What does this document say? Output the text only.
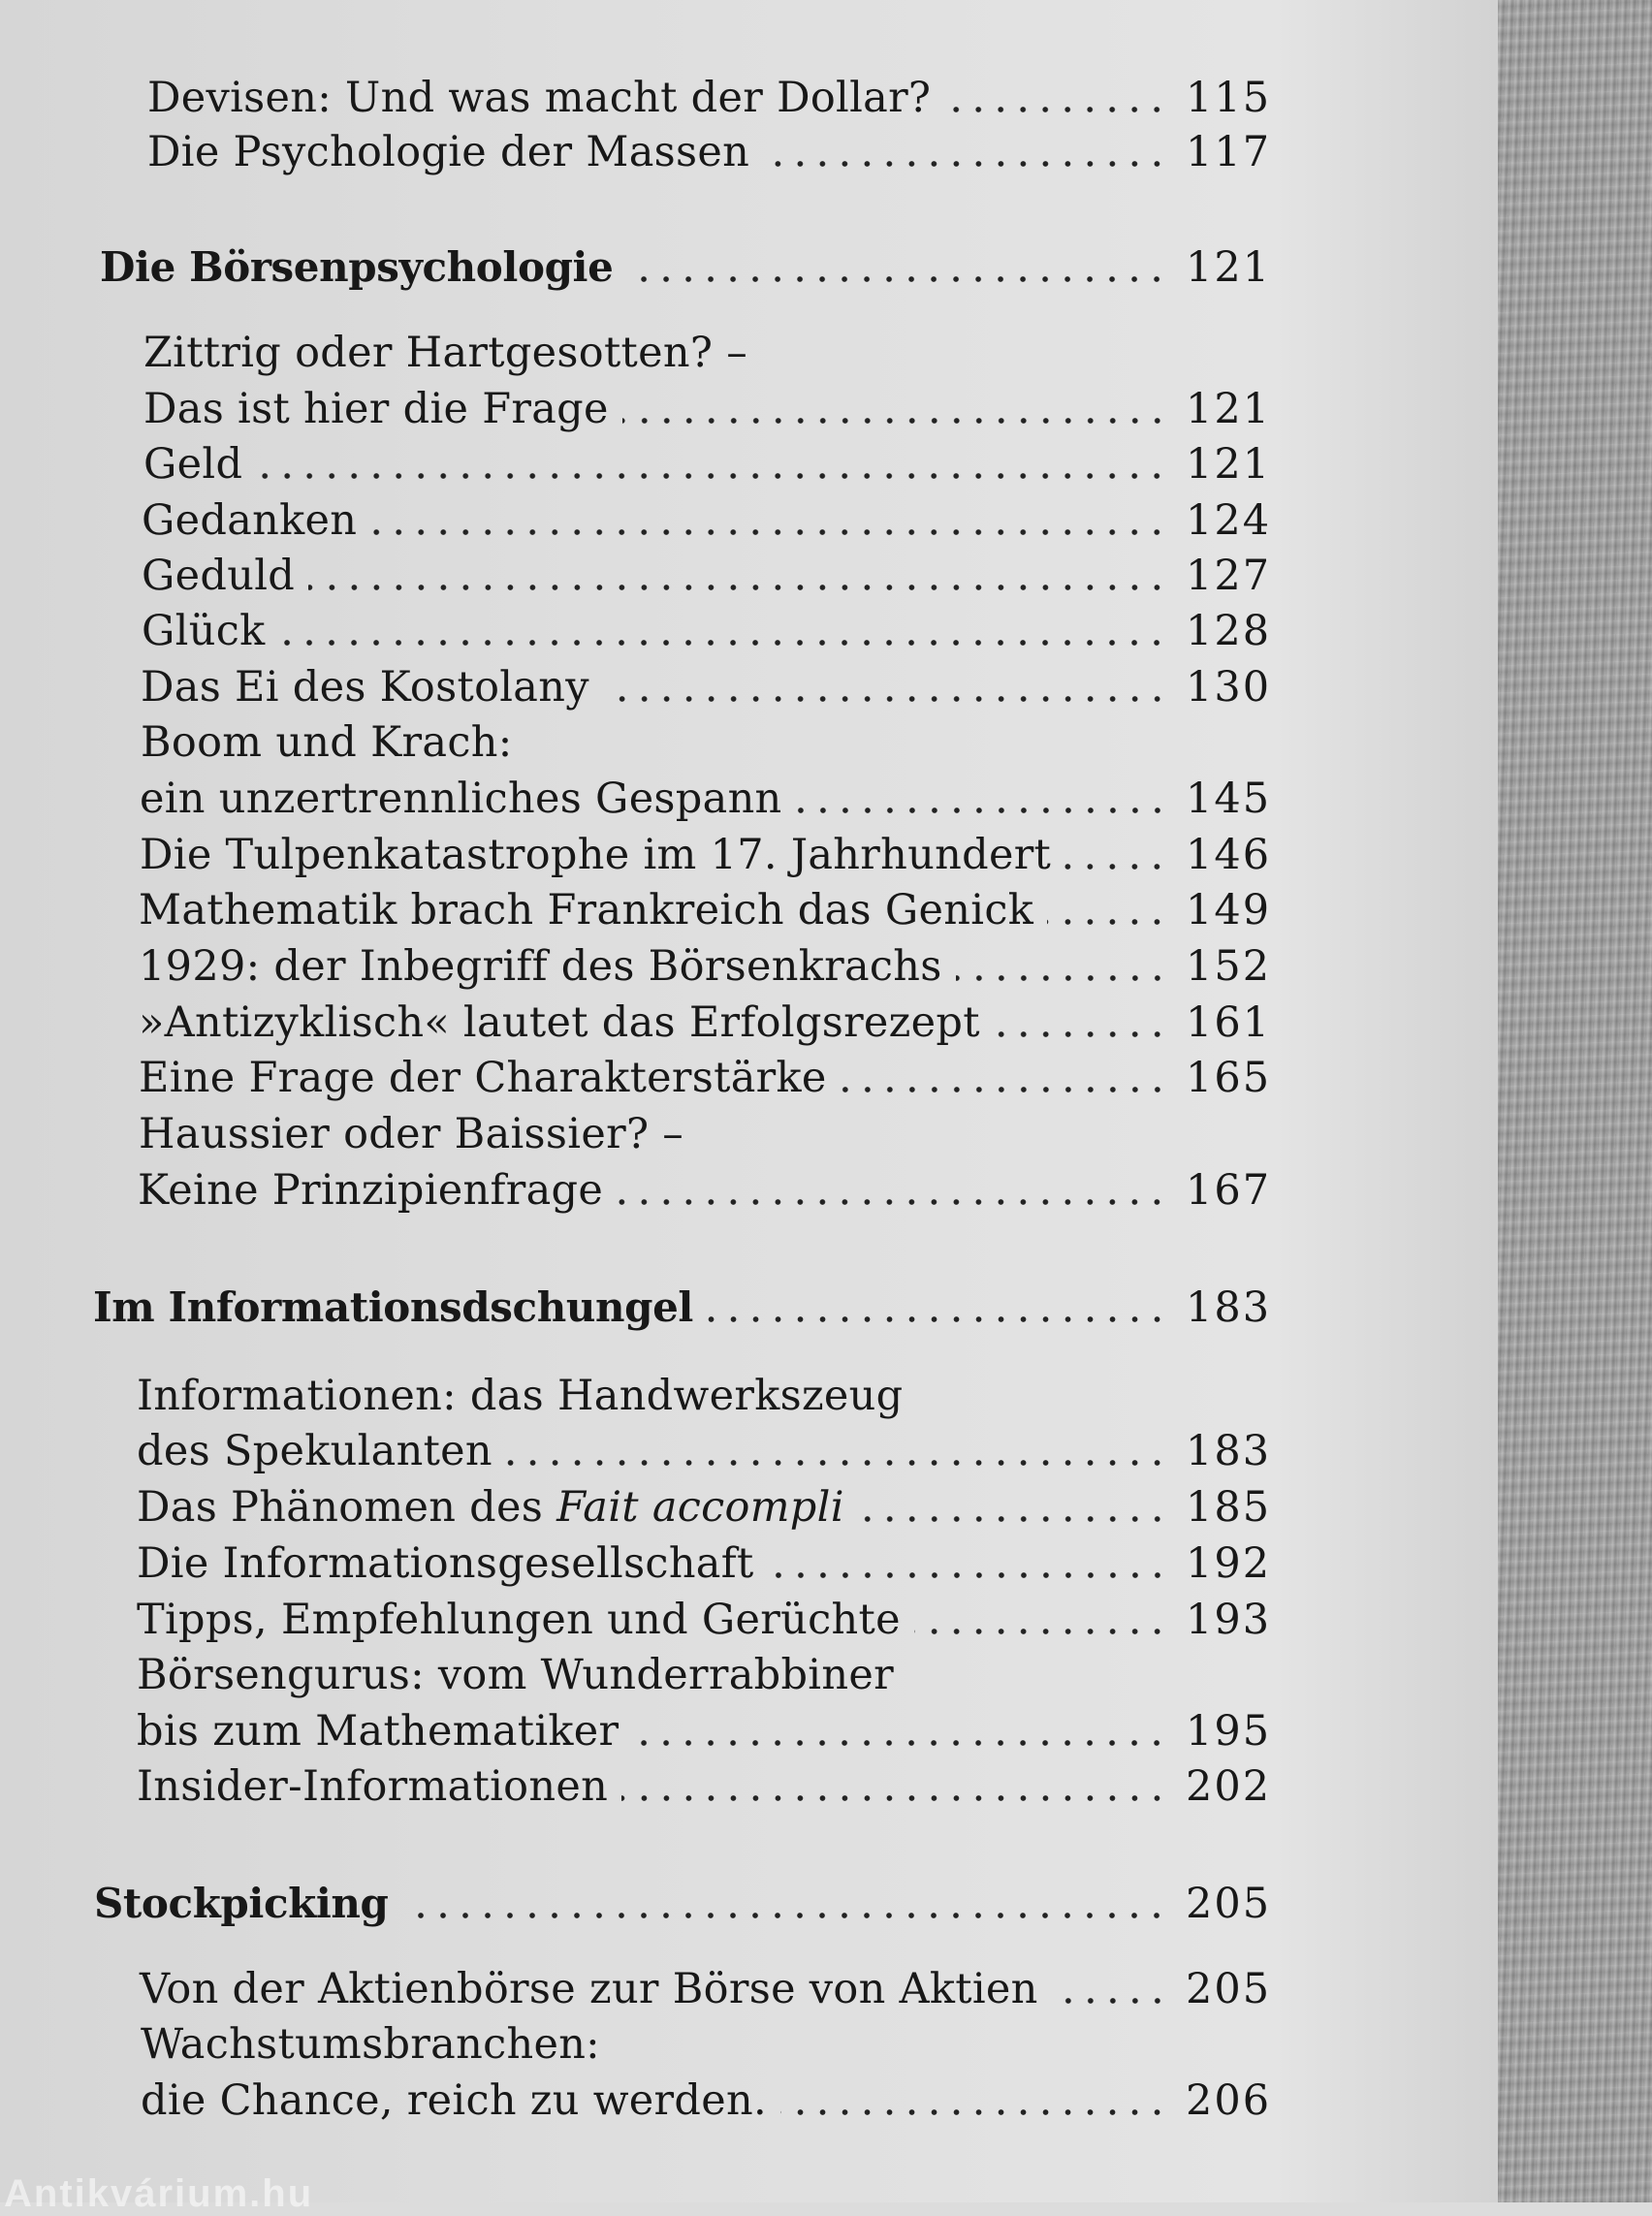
Devisen: Und was macht der Dollar?	115
Die Psychologie der Massen	117
Die Börsenpsychologie	121
Zittrig oder Hartgesotten? –
Das ist hier die Frage	121
Geld	121
Gedanken	124
Geduld	127
Glück	128
Das Ei des Kostolany	130
Boom und Krach:
ein unzertrennliches Gespann	145
Die Tulpenkatastrophe im 17. Jahrhundert	146
Mathematik brach Frankreich das Genick	149
1929: der Inbegriff des Börsenkrachs	152
»Antizyklisch« lautet das Erfolgsrezept	161
Eine Frage der Charakterstärke	165
Haussier oder Baissier? –
Keine Prinzipienfrage	167
Im Informationsdschungel	183
Informationen: das Handwerkszeug
des Spekulanten	183
Das Phänomen des Fait accompli	185
Die Informationsgesellschaft	192
Tipps, Empfehlungen und Gerüchte	193
Börsengurus: vom Wunderrabbiner
bis zum Mathematiker	195
Insider-Informationen	202
Stockpicking	205
Von der Aktienbörse zur Börse von Aktien	205
Wachstumsbranchen:
die Chance, reich zu werden.	206
Antikvárium.hu
